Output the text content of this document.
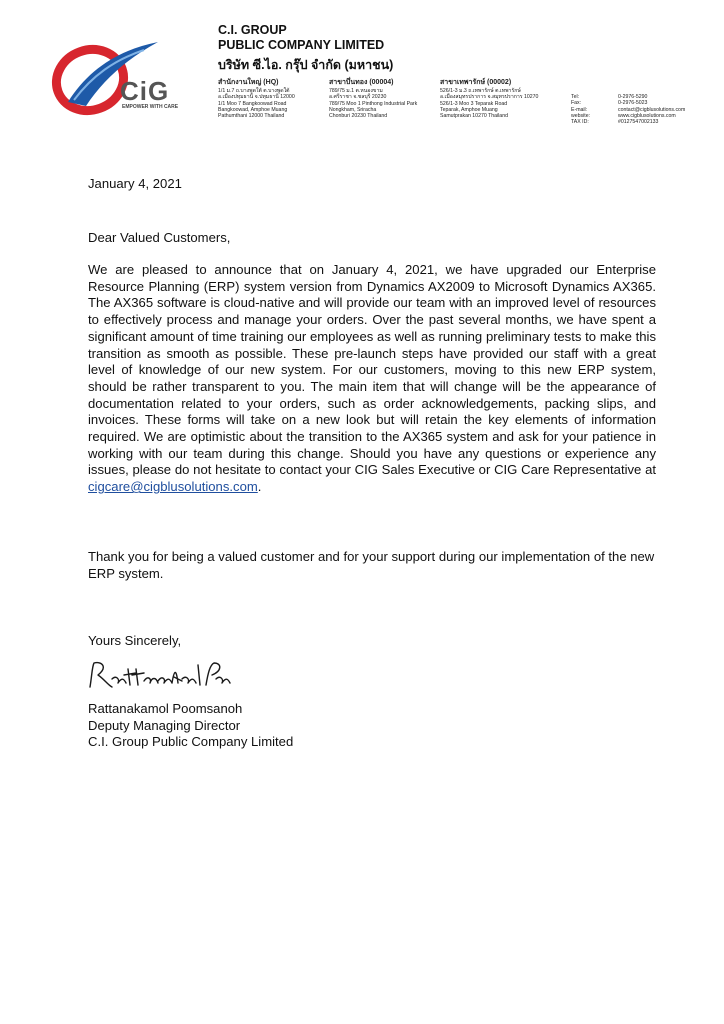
CiG
EMPOWER WITH CARE
C.I. GROUP
PUBLIC COMPANY LIMITED
บริษัท ซี.ไอ. กรุ๊ป จำกัด (มหาชน)
สำนักงานใหญ่ (HQ)
1/1 ม.7 ถ.บางพูดใต้ ต.บางพูดใต้
อ.เมืองปทุมธานี จ.ปทุมธานี 12000
1/1 Moo 7 Bangkoowad Road
Bangkoowad, Amphoe Muang
Pathumthani 12000 Thailand
สาขาบึ่นทอง (00004)
789/75 ม.1 ต.หนองขาม
อ.ศรีราชา จ.ชลบุรี 20230
789/75 Moo 1 Pinthong Industrial Park
Nongkham, Sriracha
Chonburi 20230 Thailand
สาขาเทพารักษ์ (00002)
526/1-3 ม.3 ถ.เทพารักษ์ ต.เทพารักษ์
อ.เมืองสมุทรปราการ จ.สมุทรปราการ 10270
526/1-3 Moo 3 Teparak Road
Teparak, Amphoe Muang
Samutprakan 10270 Thailand
Tel:	0-2976-5290
Fax:	0-2976-5023
E-mail:	contact@cigblusolutions.com
website:	www.cigblusolutions.com
TAX ID:	#0127547002133
January 4, 2021
Dear Valued Customers,
We are pleased to announce that on January 4, 2021, we have upgraded our Enterprise Resource Planning (ERP) system version from Dynamics AX2009 to Microsoft Dynamics AX365. The AX365 software is cloud-native and will provide our team with an improved level of resources to effectively process and manage your orders. Over the past several months, we have spent a significant amount of time training our employees as well as running preliminary tests to make this transition as smooth as possible. These pre-launch steps have provided our staff with a great level of knowledge of our new system. For our customers, moving to this new ERP system, should be rather transparent to you. The main item that will change will be the appearance of documentation related to your orders, such as order acknowledgements, packing slips, and invoices. These forms will take on a new look but will retain the key elements of information required. We are optimistic about the transition to the AX365 system and ask for your patience in working with our team during this change. Should you have any questions or experience any issues, please do not hesitate to contact your CIG Sales Executive or CIG Care Representative at cigcare@cigblusolutions.com.
Thank you for being a valued customer and for your support during our implementation of the new ERP system.
Yours Sincerely,
Rattanakamol Poomsanoh
Deputy Managing Director
C.I. Group Public Company Limited
